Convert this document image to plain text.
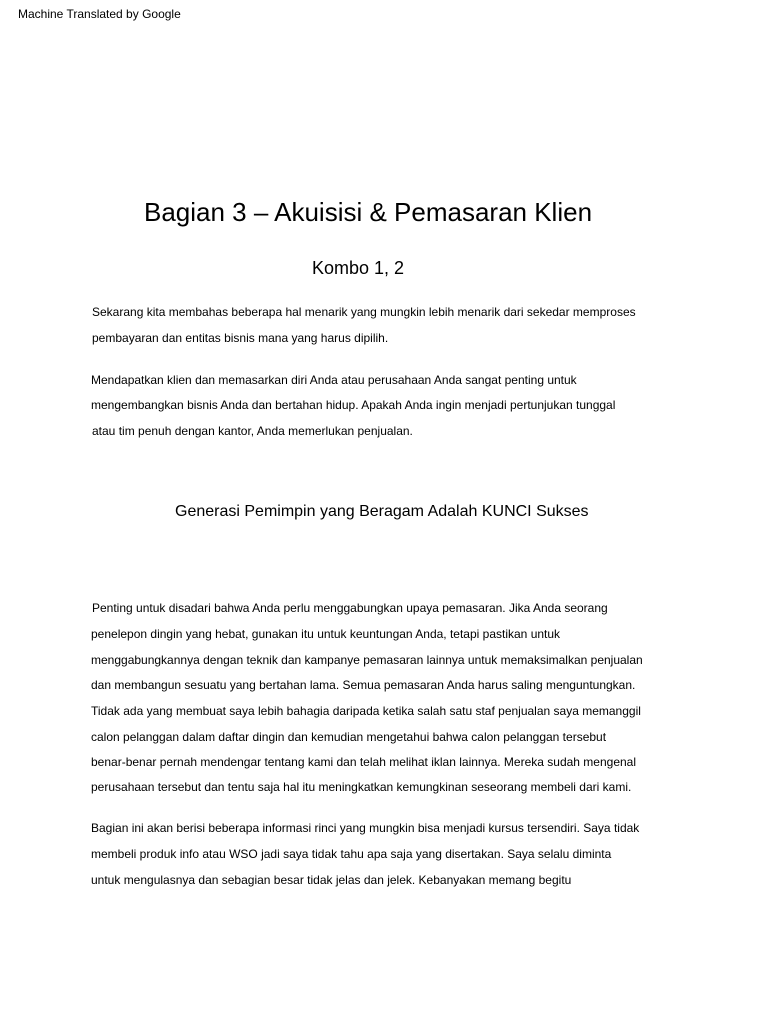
Machine Translated by Google
Bagian 3 – Akuisisi & Pemasaran Klien
Kombo 1, 2
Sekarang kita membahas beberapa hal menarik yang mungkin lebih menarik dari sekedar memproses
pembayaran dan entitas bisnis mana yang harus dipilih.
Mendapatkan klien dan memasarkan diri Anda atau perusahaan Anda sangat penting untuk
mengembangkan bisnis Anda dan bertahan hidup. Apakah Anda ingin menjadi pertunjukan tunggal
atau tim penuh dengan kantor, Anda memerlukan penjualan.
Generasi Pemimpin yang Beragam Adalah KUNCI Sukses
Penting untuk disadari bahwa Anda perlu menggabungkan upaya pemasaran. Jika Anda seorang
penelepon dingin yang hebat, gunakan itu untuk keuntungan Anda, tetapi pastikan untuk
menggabungkannya dengan teknik dan kampanye pemasaran lainnya untuk memaksimalkan penjualan
dan membangun sesuatu yang bertahan lama. Semua pemasaran Anda harus saling menguntungkan.
Tidak ada yang membuat saya lebih bahagia daripada ketika salah satu staf penjualan saya memanggil
calon pelanggan dalam daftar dingin dan kemudian mengetahui bahwa calon pelanggan tersebut
benar-benar pernah mendengar tentang kami dan telah melihat iklan lainnya. Mereka sudah mengenal
perusahaan tersebut dan tentu saja hal itu meningkatkan kemungkinan seseorang membeli dari kami.
Bagian ini akan berisi beberapa informasi rinci yang mungkin bisa menjadi kursus tersendiri. Saya tidak
membeli produk info atau WSO jadi saya tidak tahu apa saja yang disertakan. Saya selalu diminta
untuk mengulasnya dan sebagian besar tidak jelas dan jelek. Kebanyakan memang begitu
